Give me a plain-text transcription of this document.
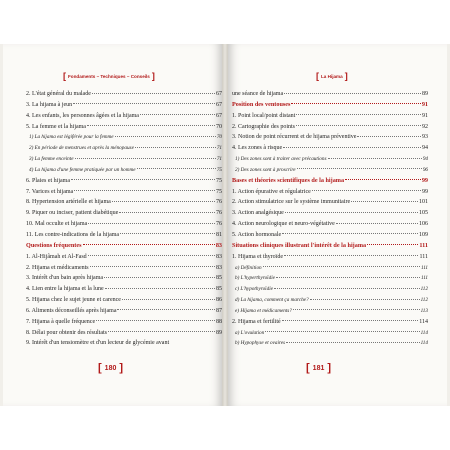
[ Fondaments – Techniques – Conseils ]
2. L'état général du malade	67
3. La hijama à jeun	67
4. Les enfants, les personnes âgées et la hijama	67
5. La femme et la hijama	70
1) La hijama est légiférée pour la femme	70
2) En période de menstrues et après la ménopause	71
3) La femme enceinte	71
4) La hijama d'une femme pratiquée par un homme	75
6. Plaies et hijama	75
7. Varices et hijama	75
8. Hypertension artérielle et hijama	76
9. Piquer ou inciser, patient diabétique	76
10. Mal occulte et hijama	76
11. Les contre-indications de la hijama	81
Questions fréquentes	83
1. Al-Hijâmah et Al-Fasd	83
2. Hijama et médicaments	83
3. Intérêt d'un bain après hijama	85
4. Lien entre la hijama et la lune	85
5. Hijama chez le sujet jeune et carence	86
6. Aliments déconseillés après hijama	87
7. Hijama à quelle fréquence	88
8. Délai pour obtenir des résultats	89
9. Intérêt d'un tensiomètre et d'un lecteur de glycémie avant
[ 180 ]
[ La Hijama ]
une séance de hijama	89
Position des ventouses	91
1. Point local/point distant	91
2. Cartographie des points	92
3. Notion de point récurrent et de hijama préventive	93
4. Les zones à risque	94
1) Des zones sont à traiter avec précautions	94
2) Des zones sont à proscrire	96
Bases et théories scientifiques de la hijama	99
1. Action épurative et régulatrice	99
2. Action stimulatrice sur le système immunitaire	101
3. Action analgésique	105
4. Action neurologique et neuro-végétative	106
5. Action hormonale	109
Situations cliniques illustrant l'intérêt de la hijama	111
1. Hijama et thyroïde	111
a) Définition	111
b) L'hyperthyroïdie	111
c) L'hypothyroïdie	112
d) La hijama, comment ça marche?	112
e) Hijama et médicaments?	113
2. Hijama et fertilité	114
a) L'ovulation	114
b) Hypophyse et ovaires	114
[ 181 ]
